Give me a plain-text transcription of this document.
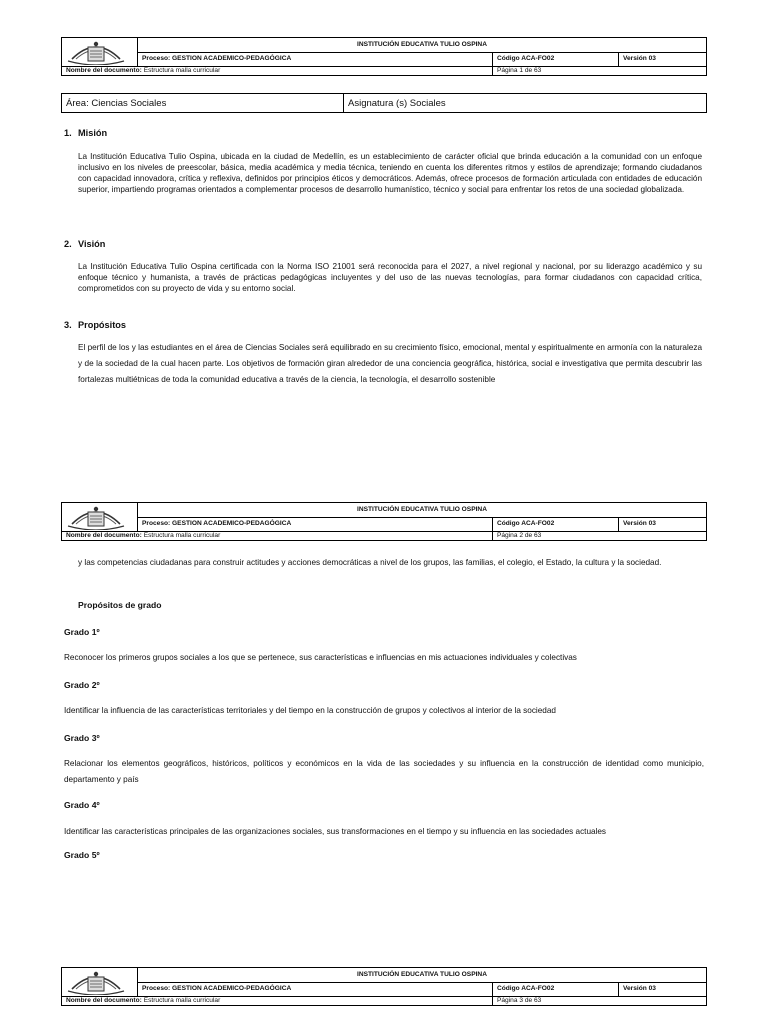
	INSTITUCIÓN EDUCATIVA TULIO OSPINA		
	Proceso: GESTION ACADEMICO-PEDAGÓGICA	Código ACA-FO02	Versión 03
Nombre del documento: Estructura malla curricular		Página 1 de 63	
Área: Ciencias Sociales	Asignatura (s) Sociales
1. Misión
La Institución Educativa Tulio Ospina, ubicada en la ciudad de Medellín, es un establecimiento de carácter oficial que brinda educación a la comunidad con un enfoque inclusivo en los niveles de preescolar, básica, media académica y media técnica, teniendo en cuenta los diferentes ritmos y estilos de aprendizaje; formando ciudadanos con capacidad innovadora, crítica y reflexiva, definidos por principios éticos y democráticos. Además, ofrece procesos de formación articulada con entidades de educación superior, impartiendo programas orientados a complementar procesos de desarrollo humanístico, técnico y social para enfrentar los retos de una sociedad globalizada.
2. Visión
La Institución Educativa Tulio Ospina certificada con la Norma ISO 21001 será reconocida para el 2027, a nivel regional y nacional, por su liderazgo académico y su enfoque técnico y humanista, a través de prácticas pedagógicas incluyentes y del uso de las nuevas tecnologías, para formar ciudadanos con capacidad crítica, comprometidos con su proyecto de vida y su entorno social.
3. Propósitos
El perfil de los y las estudiantes en el área de Ciencias Sociales será equilibrado en su crecimiento físico, emocional, mental y espiritualmente en armonía con la naturaleza y de la sociedad de la cual hacen parte. Los objetivos de formación giran alrededor de una conciencia geográfica, histórica, social e investigativa que permita descubrir las fortalezas multiétnicas de toda la comunidad educativa a través de la ciencia, la tecnología, el desarrollo sostenible
	INSTITUCIÓN EDUCATIVA TULIO OSPINA		
	Proceso: GESTION ACADEMICO-PEDAGÓGICA	Código ACA-FO02	Versión 03
Nombre del documento: Estructura malla curricular		Página 2 de 63	
y las competencias ciudadanas para construir actitudes y acciones democráticas a nivel de los grupos, las familias, el colegio, el Estado, la cultura y la sociedad.
Propósitos de grado
Grado 1º
Reconocer los primeros grupos sociales a los que se pertenece, sus características e influencias en mis actuaciones individuales y colectivas
Grado 2º
Identificar la influencia de las características territoriales y del tiempo en la construcción de grupos y colectivos al interior de la sociedad
Grado 3º
Relacionar los elementos geográficos, históricos, políticos y económicos en la vida de las sociedades y su influencia en la construcción de identidad como municipio, departamento y país
Grado 4º
Identificar las características principales de las organizaciones sociales, sus transformaciones en el tiempo y su influencia en las sociedades actuales
Grado 5º
	INSTITUCIÓN EDUCATIVA TULIO OSPINA		
	Proceso: GESTION ACADEMICO-PEDAGÓGICA	Código ACA-FO02	Versión 03
Nombre del documento: Estructura malla curricular		Página 3 de 63	
